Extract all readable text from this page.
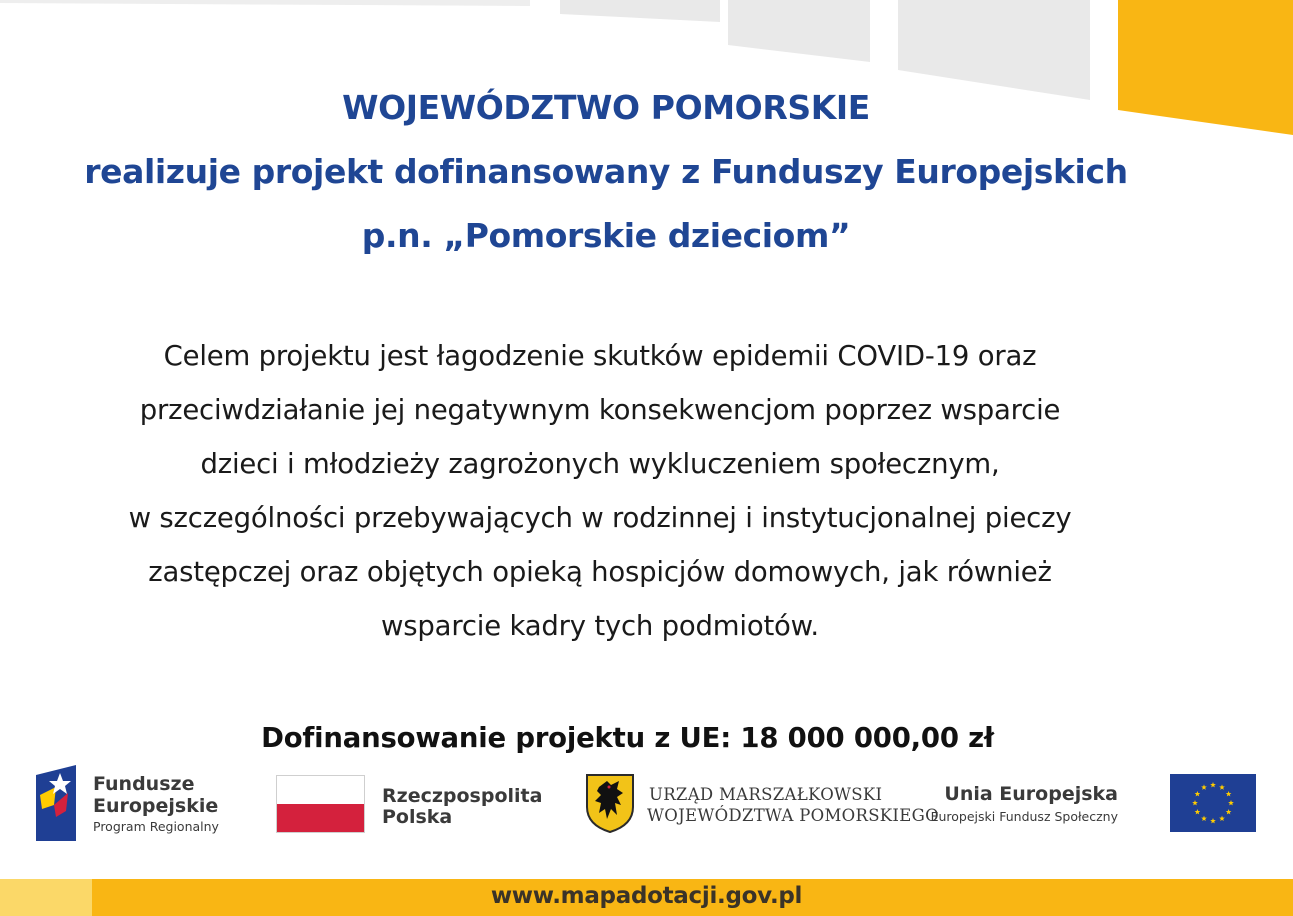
WOJEWÓDZTWO POMORSKIE
realizuje projekt dofinansowany z Funduszy Europejskich
p.n. „Pomorskie dzieciom”

Celem projektu jest łagodzenie skutków epidemii COVID-19 oraz

przeciwdziałanie jej negatywnym konsekwencjom poprzez wsparcie

dzieci i młodzieży zagrożonych wykluczeniem społecznym,

w szczególności przebywających w rodzinnej i instytucjonalnej pieczy

zastępczej oraz objętych opieką hospicjów domowych, jak również

wsparcie kadry tych podmiotów.

Dofinansowanie projektu z UE: 18 000 000,00 zł

Fundusze
Europejskie
Program Regionalny
Rzeczpospolita
Polska
URZĄD MARSZAŁKOWSKI
WOJEWÓDZTWA POMORSKIEGO
Unia Europejska
Europejski Fundusz Społeczny
www.mapadotacji.gov.pl
